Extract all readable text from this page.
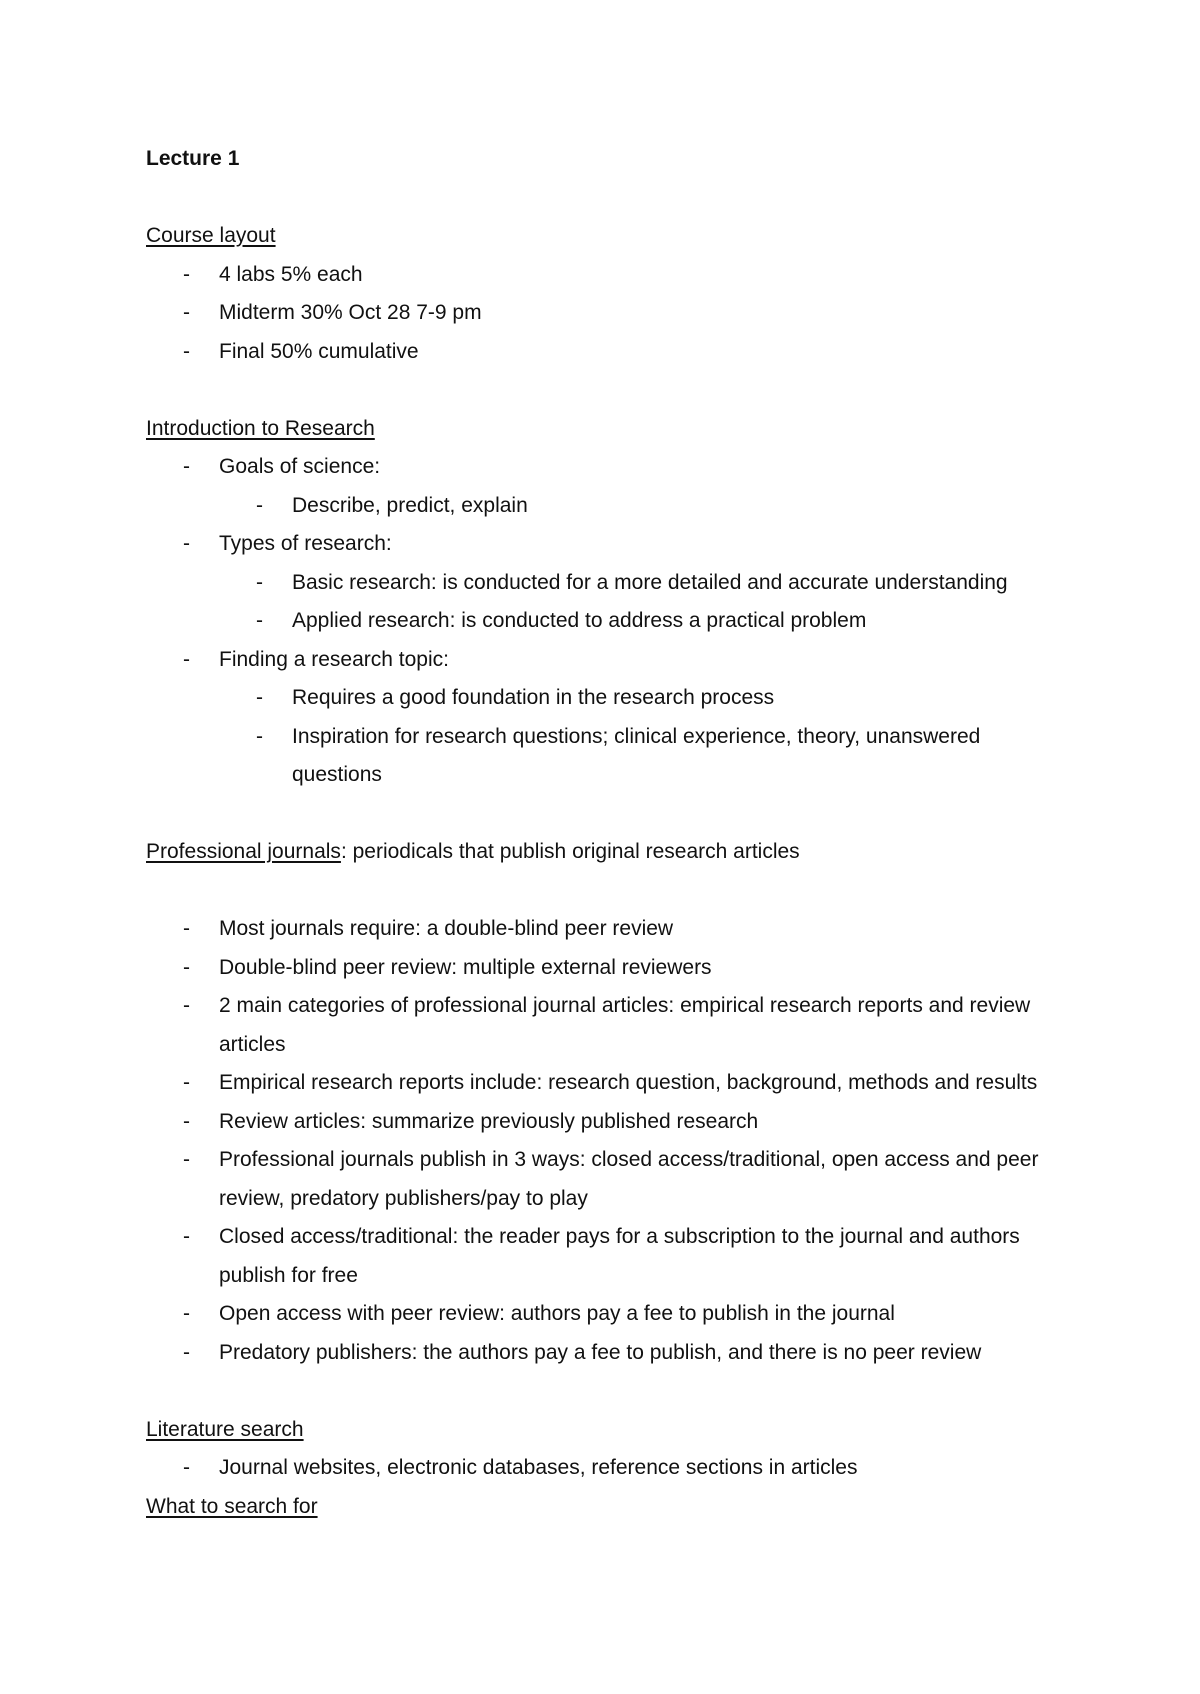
Lecture 1

Course layout
- 4 labs 5% each
- Midterm 30% Oct 28 7-9 pm
- Final 50% cumulative
Introduction to Research
- Goals of science:
- Describe, predict, explain
- Types of research:
- Basic research: is conducted for a more detailed and accurate understanding
- Applied research: is conducted to address a practical problem
- Finding a research topic:
- Requires a good foundation in the research process
- Inspiration for research questions; clinical experience, theory, unanswered questions
Professional journals: periodicals that publish original research articles
- Most journals require: a double-blind peer review
- Double-blind peer review: multiple external reviewers
- 2 main categories of professional journal articles: empirical research reports and review articles
- Empirical research reports include: research question, background, methods and results
- Review articles: summarize previously published research
- Professional journals publish in 3 ways: closed access/traditional, open access and peer review, predatory publishers/pay to play
- Closed access/traditional: the reader pays for a subscription to the journal and authors publish for free
- Open access with peer review: authors pay a fee to publish in the journal
- Predatory publishers: the authors pay a fee to publish, and there is no peer review
Literature search
- Journal websites, electronic databases, reference sections in articles
What to search for
